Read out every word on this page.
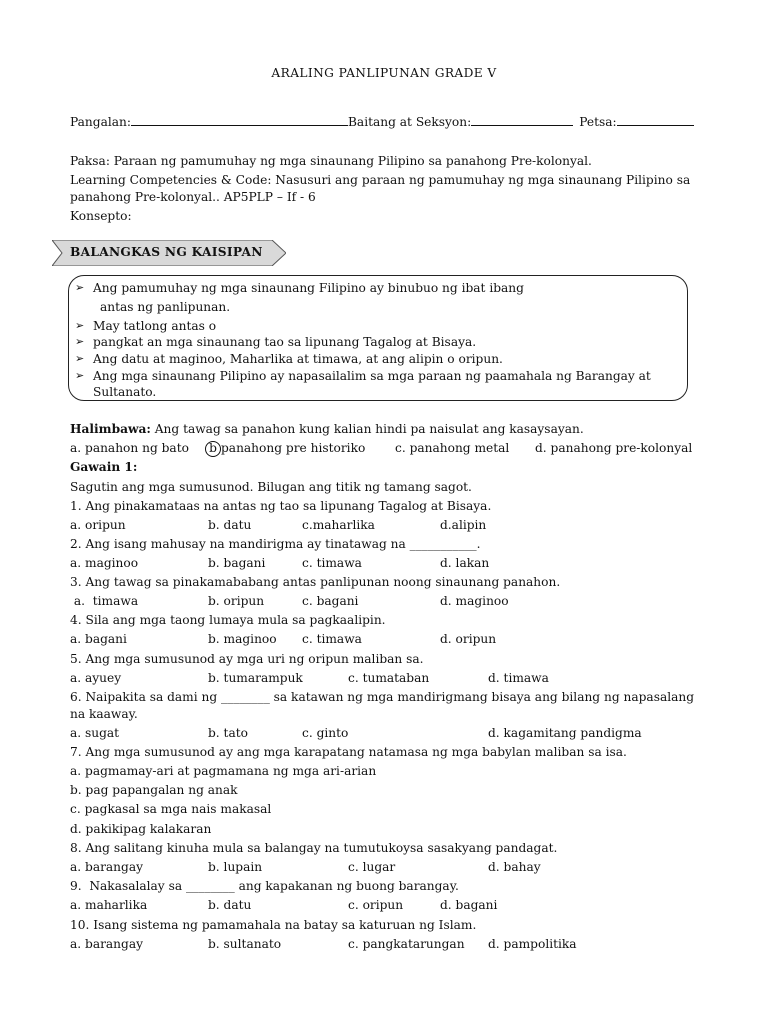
ARALING PANLIPUNAN GRADE V
Pangalan:	Baitang at Seksyon:	Petsa:
Paksa: Paraan ng pamumuhay ng mga sinaunang Pilipino sa panahong Pre-kolonyal.
Learning Competencies & Code: Nasusuri ang paraan ng pamumuhay ng mga sinaunang Pilipino sa
panahong Pre-kolonyal.. AP5PLP – Ⅰf - 6
Konsepto:
BALANGKAS NG KAISIPAN
➢ Ang pamumuhay ng mga sinaunang Filipino ay binubuo ng ibat ibang
antas ng panlipunan.
➢ May tatlong antas o
➢ pangkat an mga sinaunang tao sa lipunang Tagalog at Bisaya.
➢ Ang datu at maginoo, Maharlika at timawa, at ang alipin o oripun.
➢ Ang mga sinaunang Pilipino ay napasailalim sa mga paraan ng paamahala ng Barangay at
Sultanato.
Halimbawa: Ang tawag sa panahon kung kalian hindi pa naisulat ang kasaysayan.
a. panahon ng bato	b panahong pre historiko c. panahong metal d. panahong pre-kolonyal
Gawain 1:
Sagutin ang mga sumusunod. Bilugan ang titik ng tamang sagot.
1. Ang pinakamataas na antas ng tao sa lipunang Tagalog at Bisaya.
a. oripun	b. datu	c.maharlika	d.alipin
2. Ang isang mahusay na mandirigma ay tinatawag na ___________.
a. maginoo	b. bagani	c. timawa	d. lakan
3. Ang tawag sa pinakamababang antas panlipunan noong sinaunang panahon.
a.  timawa	b. oripun	c. bagani	d. maginoo
4. Sila ang mga taong lumaya mula sa pagkaalipin.
a. bagani	b. maginoo c. timawa	d. oripun
5. Ang mga sumusunod ay mga uri ng oripun maliban sa.
a. ayuey	b. tumarampuk	c. tumataban	d. timawa
6. Naipakita sa dami ng ________ sa katawan ng mga mandirigmang bisaya ang bilang ng napasalang
na kaaway.
a. sugat	b. tato	c. ginto	d. kagamitang pandigma
7. Ang mga sumusunod ay ang mga karapatang natamasa ng mga babylan maliban sa isa.
a. pagmamay-ari at pagmamana ng mga ari-arian
b. pag papangalan ng anak
c. pagkasal sa mga nais makasal
d. pakikipag kalakaran
8. Ang salitang kinuha mula sa balangay na tumutukoysa sasakyang pandagat.
a. barangay	b. lupain	c. lugar	d. bahay
9.  Nakasalalay sa ________ ang kapakanan ng buong barangay.
a. maharlika	b. datu	c. oripun	d. bagani
10. Isang sistema ng pamamahala na batay sa katuruan ng Islam.
a. barangay	b. sultanato	c. pangkatarungan d. pampolitika
